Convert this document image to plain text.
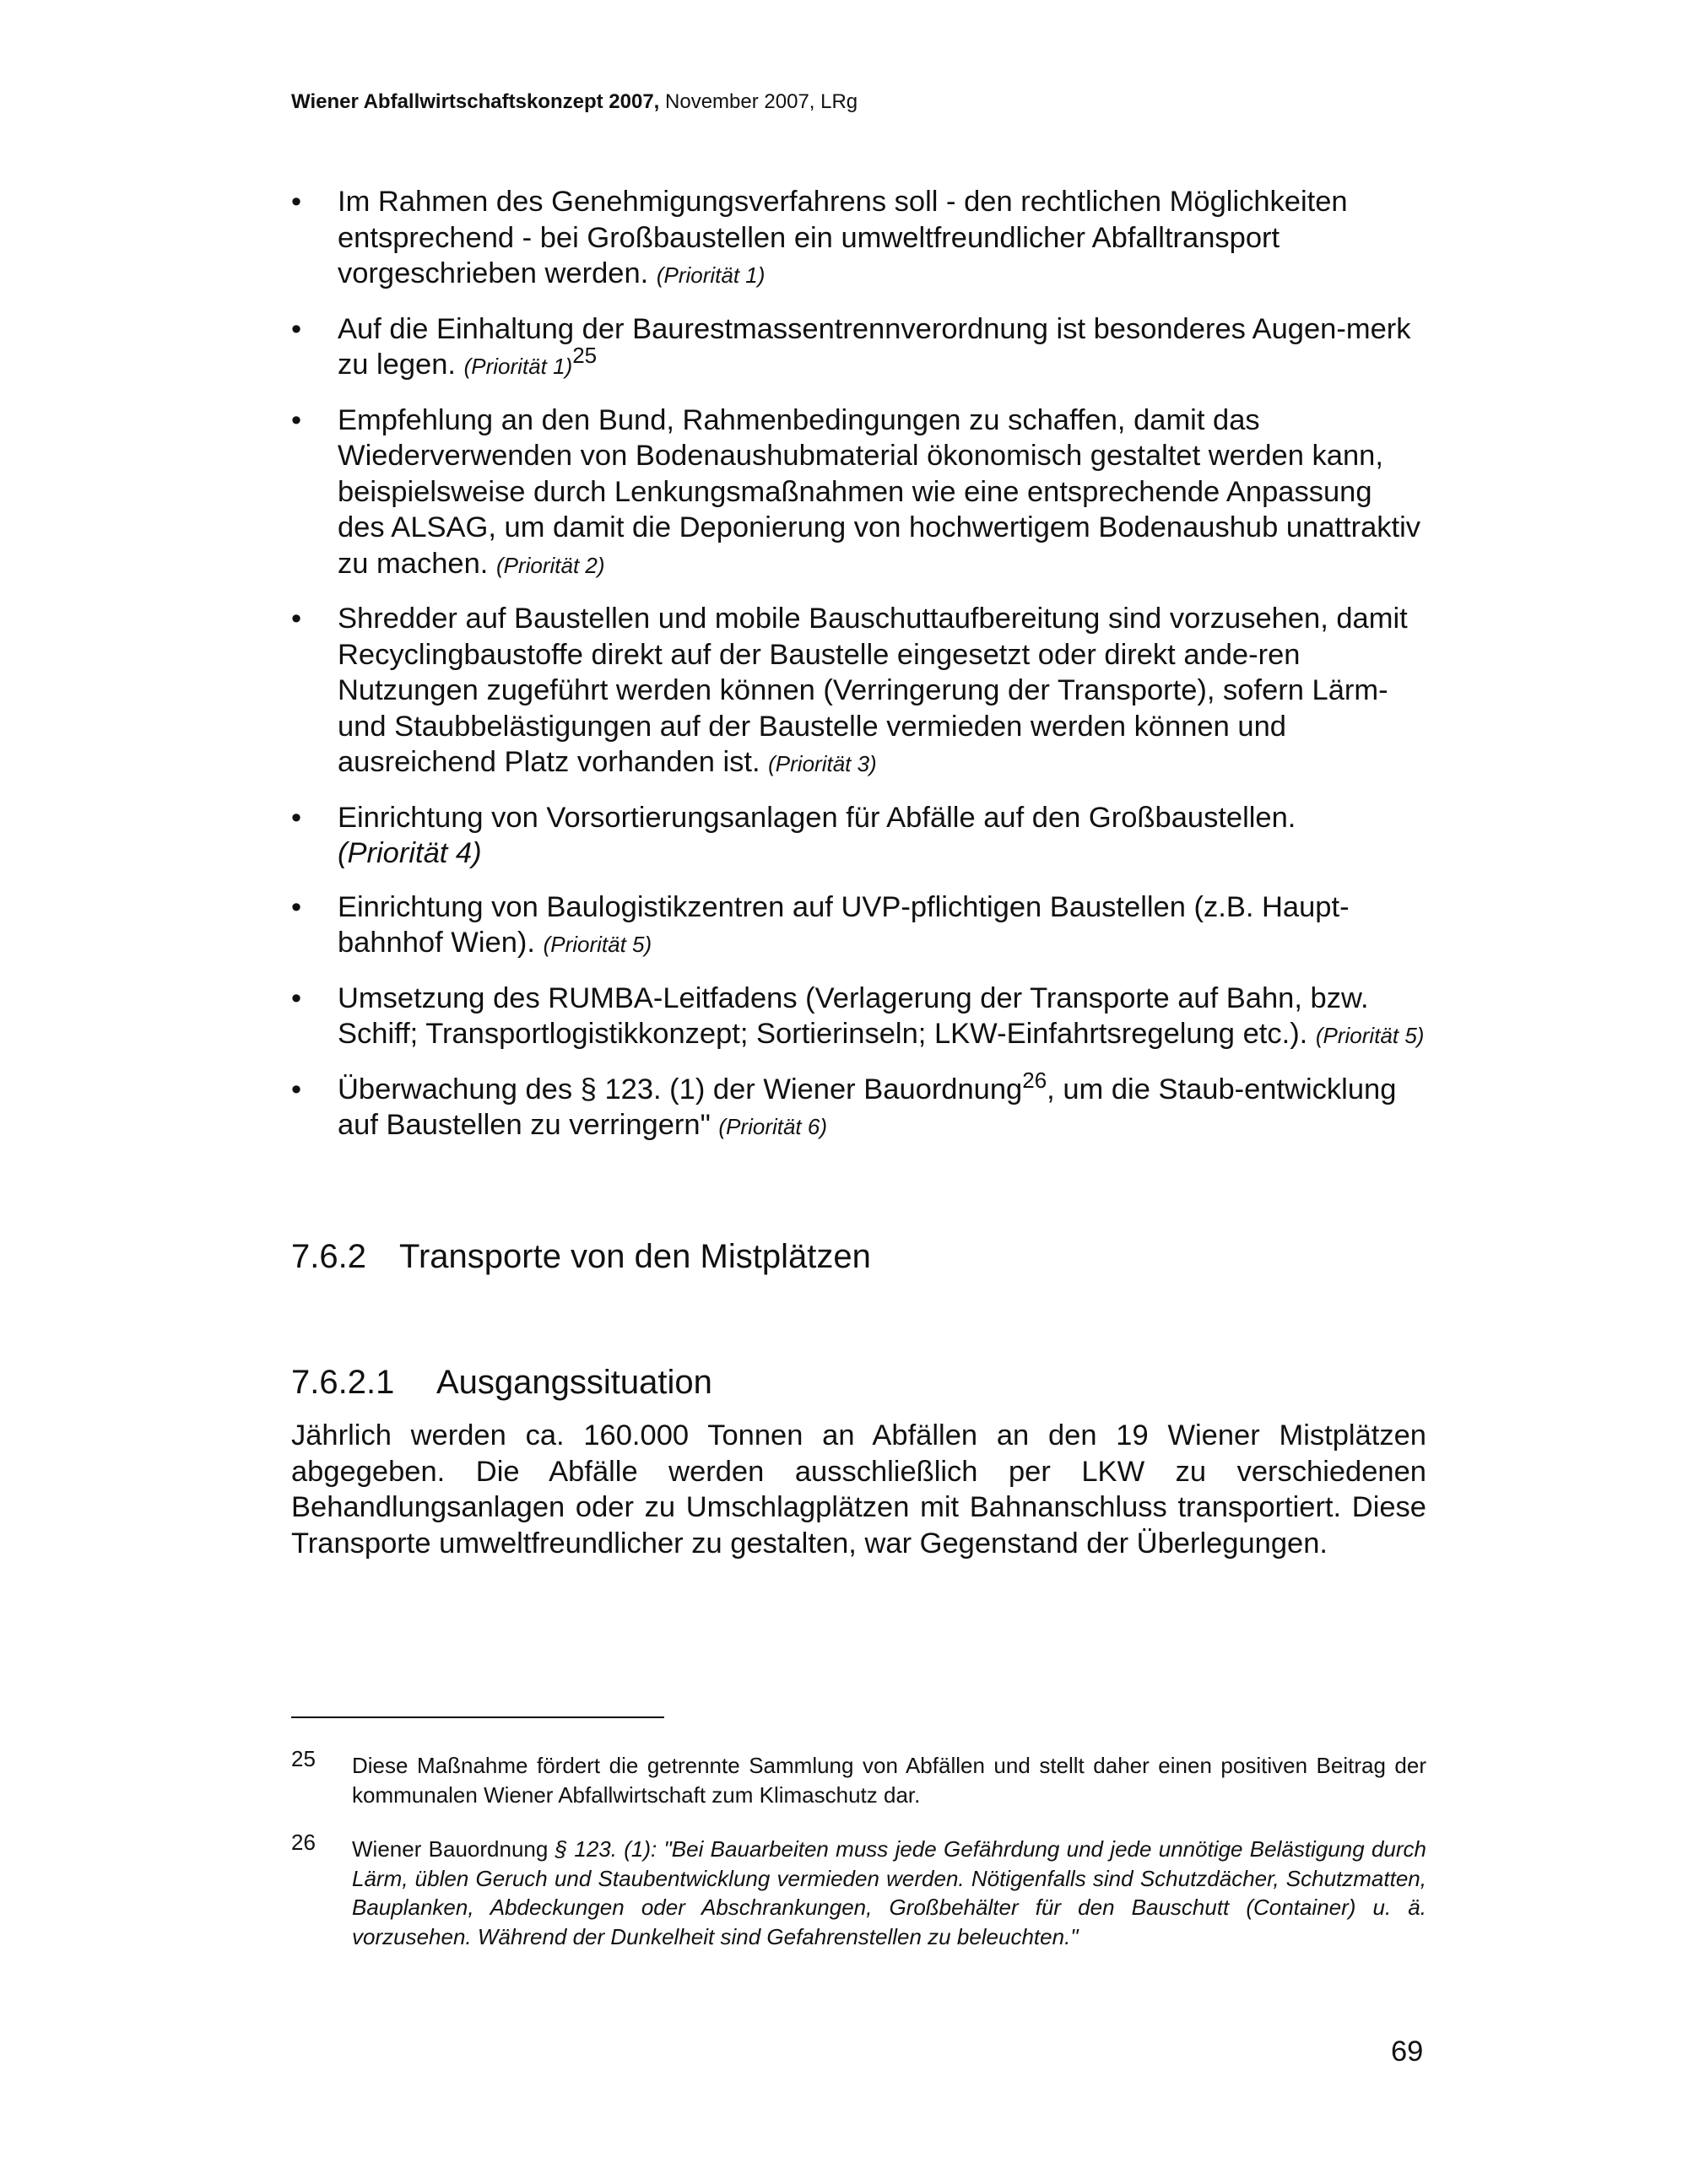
Wiener Abfallwirtschaftskonzept 2007, November 2007, LRg
• Im Rahmen des Genehmigungsverfahrens soll - den rechtlichen Möglichkeiten entsprechend - bei Großbaustellen ein umweltfreundlicher Abfalltransport vorgeschrieben werden. (Priorität 1)
• Auf die Einhaltung der Baurestmassentrennverordnung ist besonderes Augen-merk zu legen. (Priorität 1)$^{25}$
• Empfehlung an den Bund, Rahmenbedingungen zu schaffen, damit das Wiederverwenden von Bodenaushubmaterial ökonomisch gestaltet werden kann, beispielsweise durch Lenkungsmaßnahmen wie eine entsprechende Anpassung des ALSAG, um damit die Deponierung von hochwertigem Bodenaushub unattraktiv zu machen. (Priorität 2)
• Shredder auf Baustellen und mobile Bauschuttaufbereitung sind vorzusehen, damit Recyclingbaustoffe direkt auf der Baustelle eingesetzt oder direkt ande-ren Nutzungen zugeführt werden können (Verringerung der Transporte), sofern Lärm- und Staubbelästigungen auf der Baustelle vermieden werden können und ausreichend Platz vorhanden ist. (Priorität 3)
• Einrichtung von Vorsortierungsanlagen für Abfälle auf den Großbaustellen.
(Priorität 4)
• Einrichtung von Baulogistikzentren auf UVP-pflichtigen Baustellen (z.B. Haupt-bahnhof Wien). (Priorität 5)
• Umsetzung des RUMBA-Leitfadens (Verlagerung der Transporte auf Bahn, bzw. Schiff; Transportlogistikkonzept; Sortierinseln; LKW-Einfahrtsregelung etc.). (Priorität 5)
• Überwachung des § 123. (1) der Wiener Bauordnung$^{26}$, um die Staub-entwicklung auf Baustellen zu verringern" (Priorität 6)
7.6.2 Transporte von den Mistplätzen
7.6.2.1 Ausgangssituation

Jährlich werden ca. 160.000 Tonnen an Abfällen an den 19 Wiener Mistplätzen abgegeben. Die Abfälle werden ausschließlich per LKW zu verschiedenen Behandlungsanlagen oder zu Umschlagplätzen mit Bahnanschluss transportiert. Diese Transporte umweltfreundlicher zu gestalten, war Gegenstand der Überlegungen.

25 Diese Maßnahme fördert die getrennte Sammlung von Abfällen und stellt daher einen positiven Beitrag der kommunalen Wiener Abfallwirtschaft zum Klimaschutz dar.
26 Wiener Bauordnung § 123. (1): "Bei Bauarbeiten muss jede Gefährdung und jede unnötige Belästigung durch Lärm, üblen Geruch und Staubentwicklung vermieden werden. Nötigenfalls sind Schutzdächer, Schutzmatten, Bauplanken, Abdeckungen oder Abschrankungen, Großbehälter für den Bauschutt (Container) u. ä. vorzusehen. Während der Dunkelheit sind Gefahrenstellen zu beleuchten."
69
